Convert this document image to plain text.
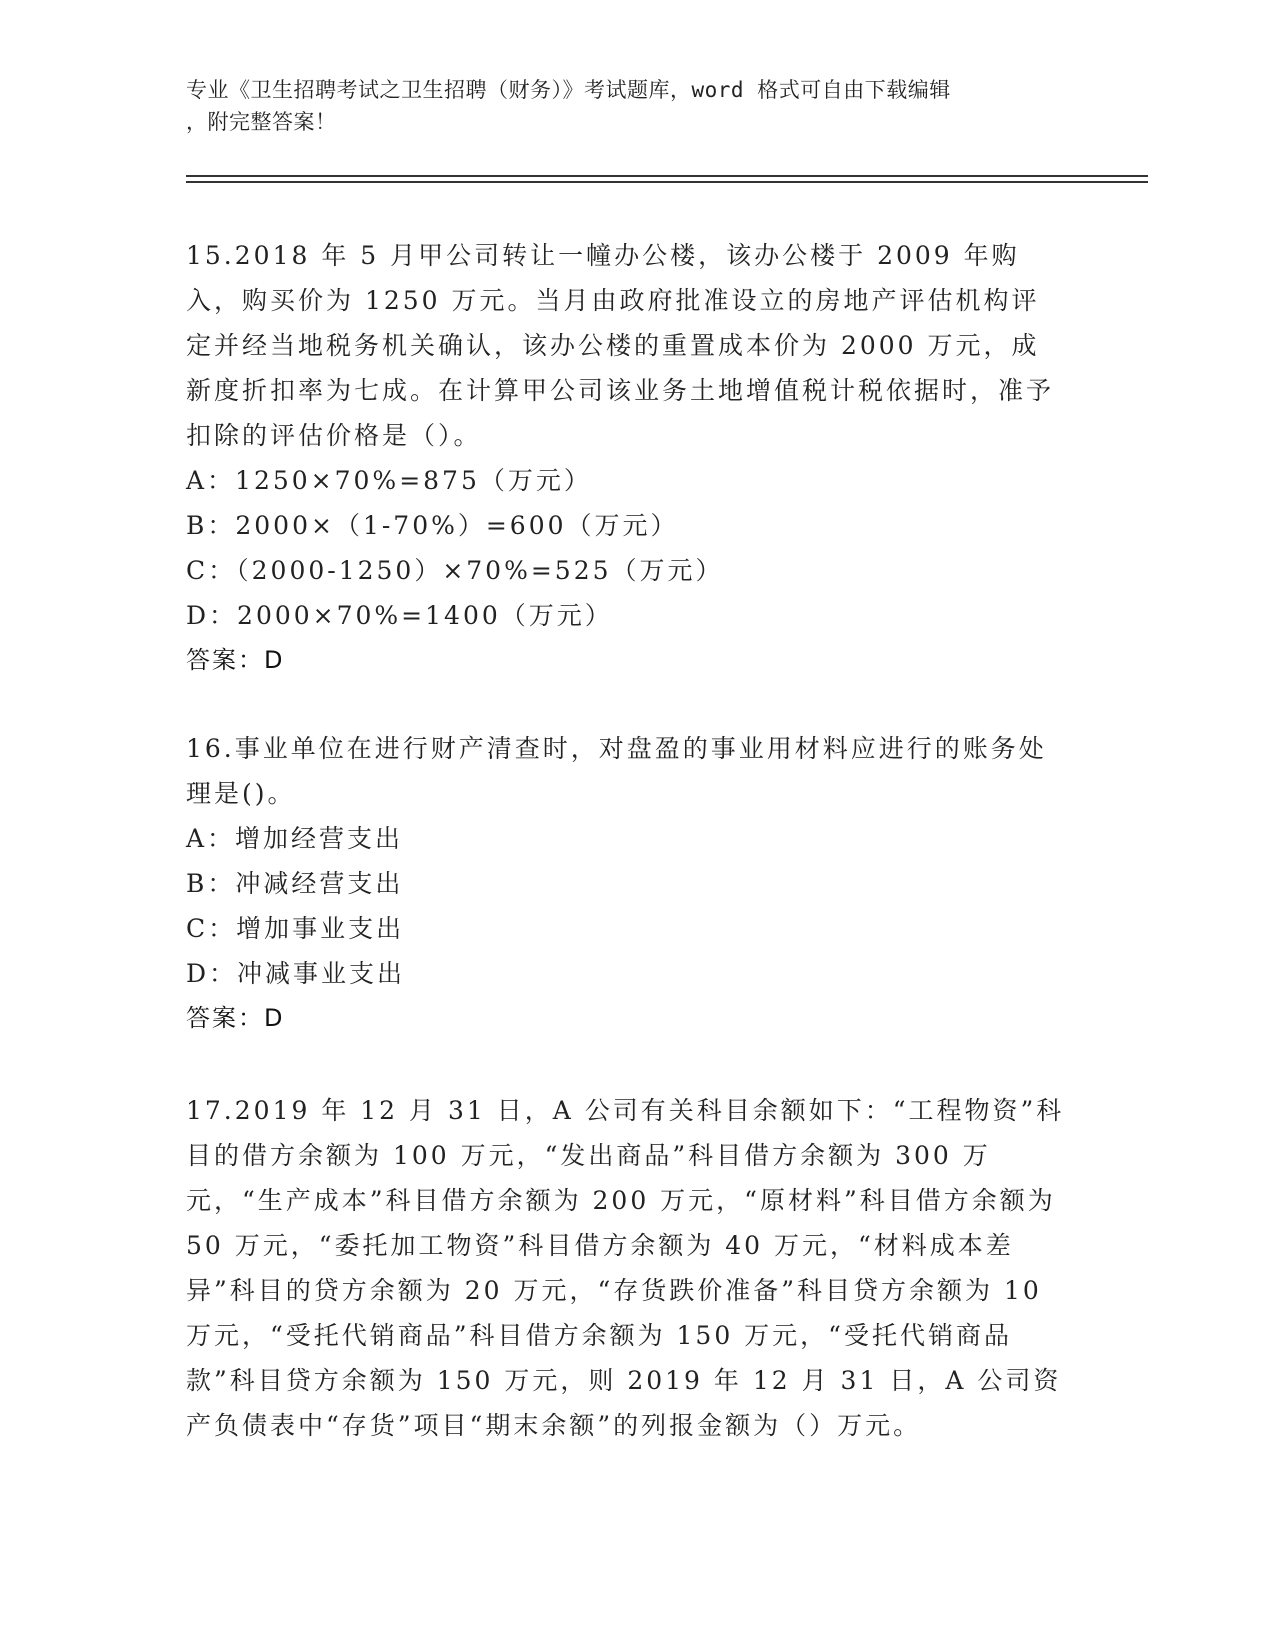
专业《卫生招聘考试之卫生招聘（财务）》考试题库，word 格式可自由下载编辑
，附完整答案！

15.2018 年 5 月甲公司转让一幢办公楼，该办公楼于 2009 年购入，购买价为 1250 万元。当月由政府批准设立的房地产评估机构评定并经当地税务机关确认，该办公楼的重置成本价为 2000 万元，成新度折扣率为七成。在计算甲公司该业务土地增值税计税依据时，准予扣除的评估价格是（）。

A：1250×70%=875（万元）

B：2000×（1-70%）=600（万元）

C：（2000-1250）×70%=525（万元）

D：2000×70%=1400（万元）

答案：D

16.事业单位在进行财产清查时，对盘盈的事业用材料应进行的账务处理是()。

A：增加经营支出

B：冲减经营支出

C：增加事业支出

D：冲减事业支出

答案：D

17.2019 年 12 月 31 日，A 公司有关科目余额如下：“工程物资”科目的借方余额为 100 万元，“发出商品”科目借方余额为 300 万元，“生产成本”科目借方余额为 200 万元，“原材料”科目借方余额为 50 万元，“委托加工物资”科目借方余额为 40 万元，“材料成本差异”科目的贷方余额为 20 万元，“存货跌价准备”科目贷方余额为 10 万元，“受托代销商品”科目借方余额为 150 万元，“受托代销商品款”科目贷方余额为 150 万元，则 2019 年 12 月 31 日，A 公司资产负债表中“存货”项目“期末余额”的列报金额为（）万元。
